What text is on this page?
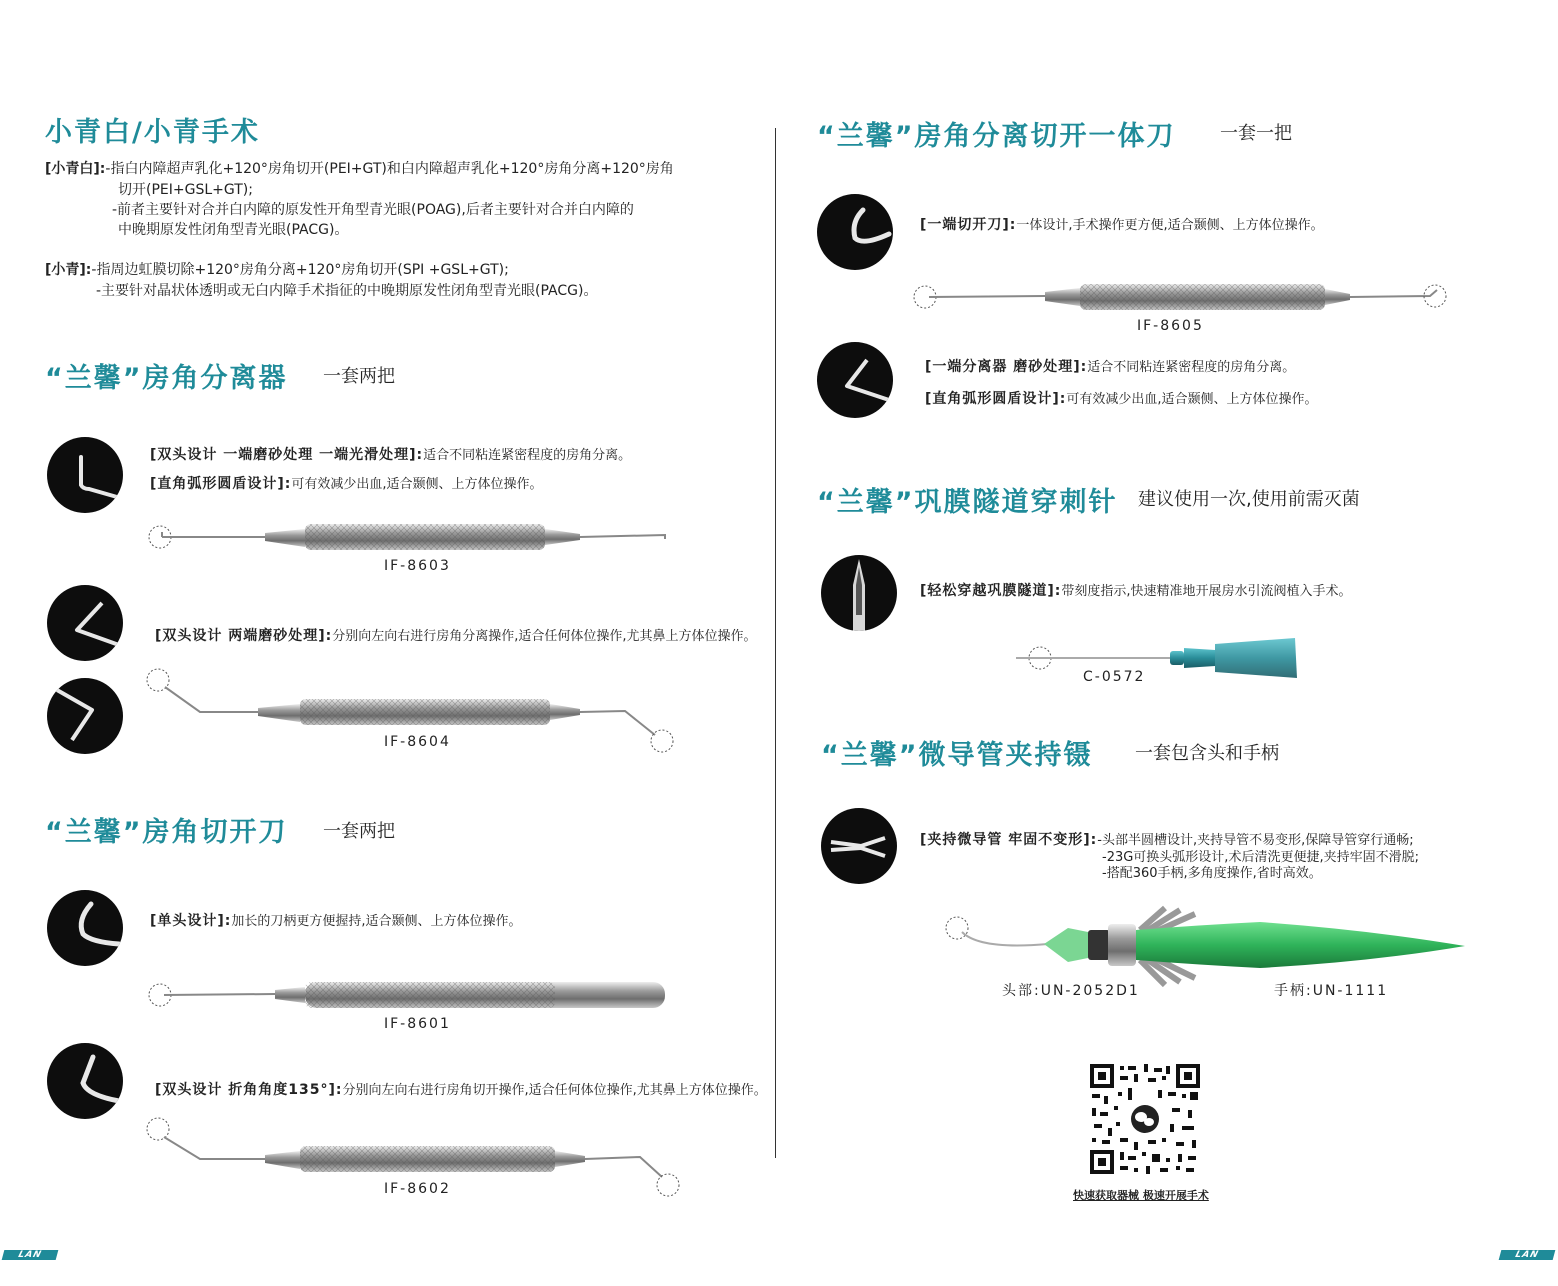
小青白/小青手术
[小青白]:-指白内障超声乳化+120°房角切开(PEI+GT)和白内障超声乳化+120°房角分离+120°房角
切开(PEI+GSL+GT);
-前者主要针对合并白内障的原发性开角型青光眼(POAG),后者主要针对合并白内障的
中晚期原发性闭角型青光眼(PACG)。
[小青]:-指周边虹膜切除+120°房角分离+120°房角切开(SPI +GSL+GT);
-主要针对晶状体透明或无白内障手术指征的中晚期原发性闭角型青光眼(PACG)。
“兰馨”房角分离器 一套两把
[双头设计 一端磨砂处理 一端光滑处理]:适合不同粘连紧密程度的房角分离。
[直角弧形圆盾设计]:可有效减少出血,适合颞侧、上方体位操作。
IF-8603
[双头设计 两端磨砂处理]:分别向左向右进行房角分离操作,适合任何体位操作,尤其鼻上方体位操作。
IF-8604
“兰馨”房角切开刀 一套两把
[单头设计]:加长的刀柄更方便握持,适合颞侧、上方体位操作。
IF-8601
[双头设计 折角角度135°]:分别向左向右进行房角切开操作,适合任何体位操作,尤其鼻上方体位操作。
IF-8602
LAN
“兰馨”房角分离切开一体刀 一套一把
[一端切开刀]:一体设计,手术操作更方便,适合颞侧、上方体位操作。
IF-8605
[一端分离器 磨砂处理]:适合不同粘连紧密程度的房角分离。
[直角弧形圆盾设计]:可有效减少出血,适合颞侧、上方体位操作。
“兰馨”巩膜隧道穿刺针 建议使用一次,使用前需灭菌
[轻松穿越巩膜隧道]:带刻度指示,快速精准地开展房水引流阀植入手术。
C-0572
“兰馨”微导管夹持镊 一套包含头和手柄
[夹持微导管 牢固不变形]:-头部半圆槽设计,夹持导管不易变形,保障导管穿行通畅;
-23G可换头弧形设计,术后清洗更便捷,夹持牢固不滑脱;
-搭配360手柄,多角度操作,省时高效。
头部:UN-2052D1	手柄:UN-1111
快速获取器械 极速开展手术
LAN
